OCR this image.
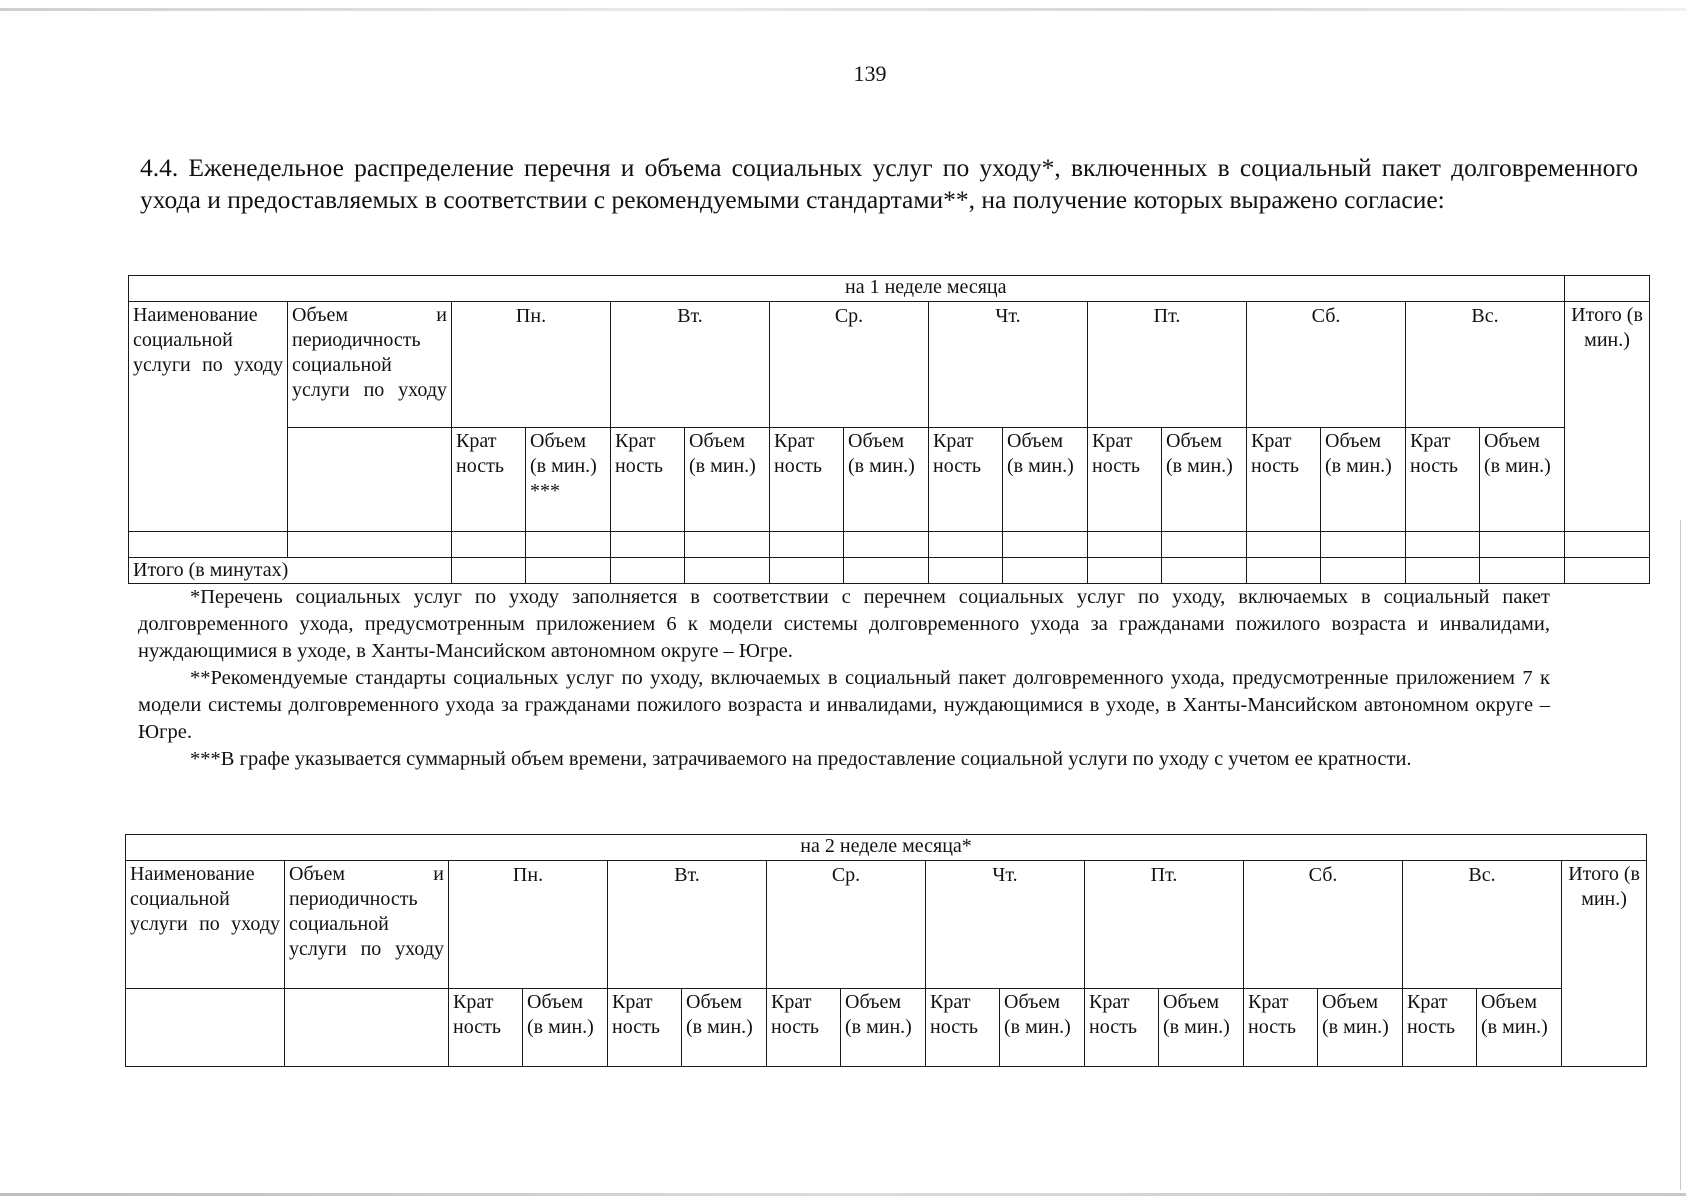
139

4.4. Еженедельное распределение перечня и объема социальных услуг по уходу*, включенных в социальный пакет долговременного ухода и предоставляемых в соответствии с рекомендуемыми стандартами**, на получение которых выражено согласие:

	на 1 неделе месяца															
Наименование социальной услуги по уходу	Объем и периодичность социальной услуги по уходу	Пн.		Вт.		Ср.		Чт.		Пт.		Сб.		Вс.		Итого (в мин.)
		Крат ность	Объем (в мин.) ***	Крат ность	Объем (в мин.)	Крат ность	Объем (в мин.)	Крат ность	Объем (в мин.)	Крат ность	Объем (в мин.)	Крат ность	Объем (в мин.)	Крат ность	Объем (в мин.)	

Итого (в минутах)																

*Перечень социальных услуг по уходу заполняется в соответствии с перечнем социальных услуг по уходу, включаемых в социальный пакет долговременного ухода, предусмотренным приложением 6 к модели системы долговременного ухода за гражданами пожилого возраста и инвалидами, нуждающимися в уходе, в Ханты-Мансийском автономном округе – Югре.

**Рекомендуемые стандарты социальных услуг по уходу, включаемых в социальный пакет долговременного ухода, предусмотренные приложением 7 к модели системы долговременного ухода за гражданами пожилого возраста и инвалидами, нуждающимися в уходе, в Ханты-Мансийском автономном округе – Югре.

***В графе указывается суммарный объем времени, затрачиваемого на предоставление социальной услуги по уходу с учетом ее кратности.

на 2 неделе месяца*																
Наименование социальной услуги по уходу	Объем и периодичность социальной услуги по уходу	Пн.		Вт.		Ср.		Чт.		Пт.		Сб.		Вс.		Итого (в мин.)
		Крат ность	Объем (в мин.)	Крат ность	Объем (в мин.)	Крат ность	Объем (в мин.)	Крат ность	Объем (в мин.)	Крат ность	Объем (в мин.)	Крат ность	Объем (в мин.)	Крат ность	Объем (в мин.)	
